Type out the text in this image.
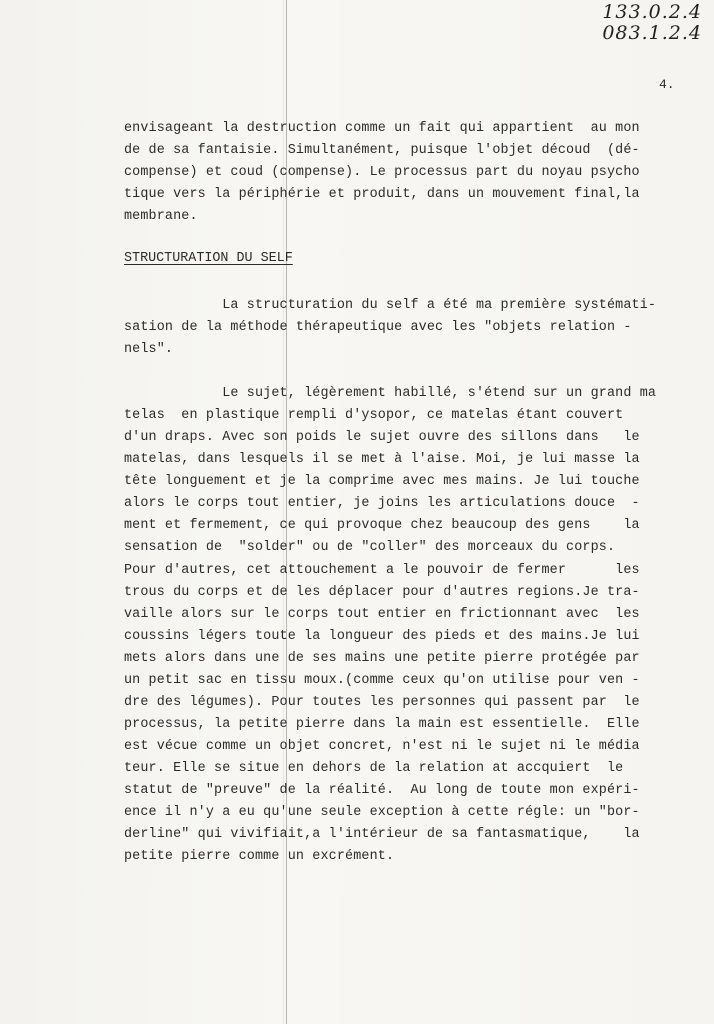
133.0.2.4
083.1.2.4
4.
envisageant la destruction comme un fait qui appartient  au mon
de de sa fantaisie. Simultanément, puisque l'objet découd  (dé-
compense) et coud (compense). Le processus part du noyau psycho
tique vers la périphérie et produit, dans un mouvement final,la
membrane.
STRUCTURATION DU SELF
La structuration du self a été ma première systémati-
sation de la méthode thérapeutique avec les "objets relation -
nels".
Le sujet, légèrement habillé, s'étend sur un grand ma
telas  en plastique rempli d'ysopor, ce matelas étant couvert
d'un draps. Avec son poids le sujet ouvre des sillons dans   le
matelas, dans lesquels il se met à l'aise. Moi, je lui masse la
tête longuement et je la comprime avec mes mains. Je lui touche
alors le corps tout entier, je joins les articulations douce  -
ment et fermement, ce qui provoque chez beaucoup des gens    la
sensation de  "solder" ou de "coller" des morceaux du corps.
Pour d'autres, cet attouchement a le pouvoir de fermer      les
trous du corps et de les déplacer pour d'autres regions.Je tra-
vaille alors sur le corps tout entier en frictionnant avec  les
coussins légers toute la longueur des pieds et des mains.Je lui
mets alors dans une de ses mains une petite pierre protégée par
un petit sac en tissu moux.(comme ceux qu'on utilise pour ven -
dre des légumes). Pour toutes les personnes qui passent par  le
processus, la petite pierre dans la main est essentielle.  Elle
est vécue comme un objet concret, n'est ni le sujet ni le média
teur. Elle se situe en dehors de la relation at accquiert  le
statut de "preuve" de la réalité.  Au long de toute mon expéri-
ence il n'y a eu qu'une seule exception à cette régle: un "bor-
derline" qui vivifiait,a l'intérieur de sa fantasmatique,    la
petite pierre comme un excrément.
